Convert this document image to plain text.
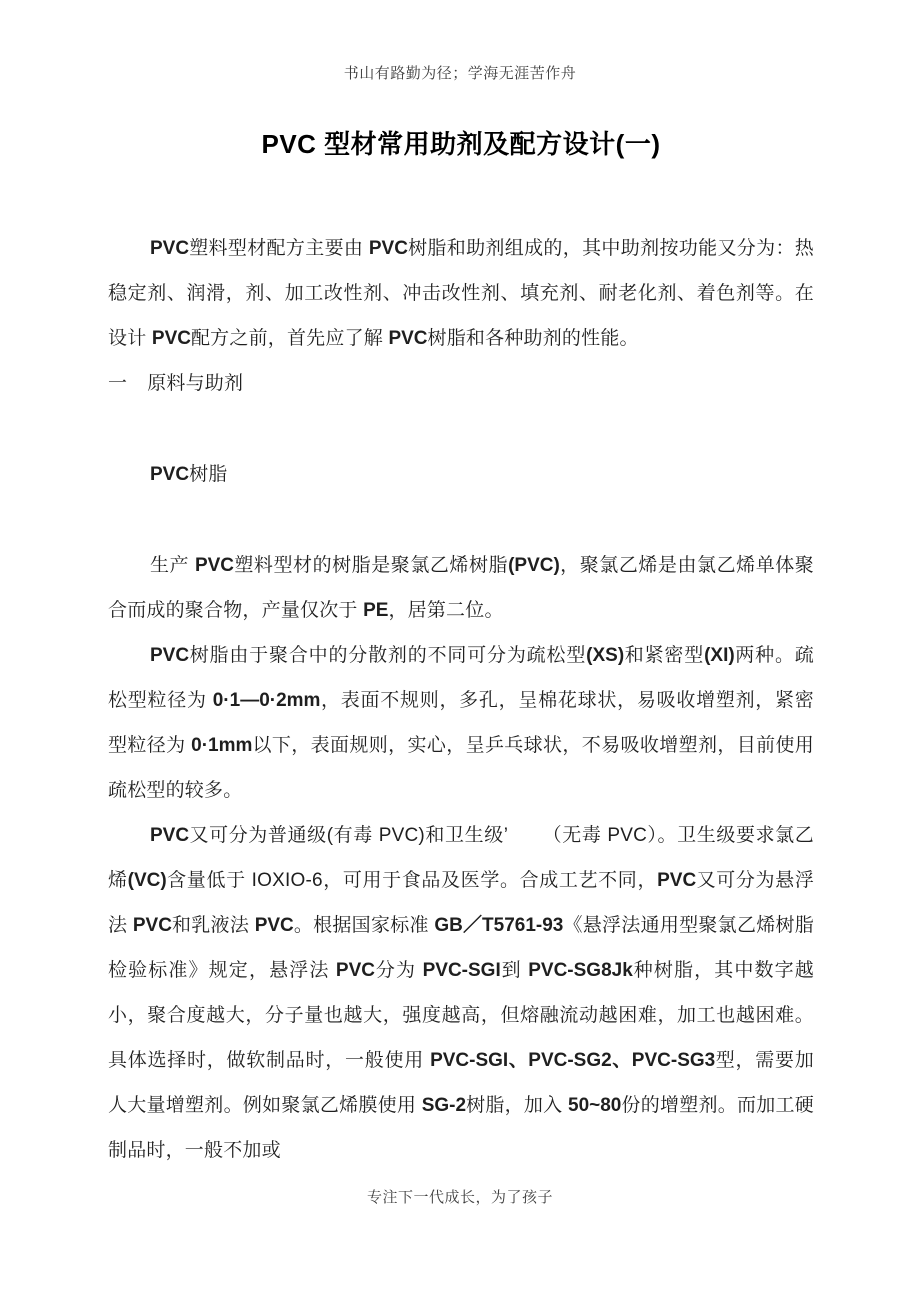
书山有路勤为径；学海无涯苦作舟
PVC 型材常用助剂及配方设计(一)

PVC塑料型材配方主要由 PVC树脂和助剂组成的，其中助剂按功能又分为：热稳定剂、润滑，剂、加工改性剂、冲击改性剂、填充剂、耐老化剂、着色剂等。在设计 PVC配方之前，首先应了解 PVC树脂和各种助剂的性能。

一 原料与助剂

PVC树脂

生产 PVC塑料型材的树脂是聚氯乙烯树脂(PVC)，聚氯乙烯是由氯乙烯单体聚合而成的聚合物，产量仅次于 PE，居第二位。

PVC树脂由于聚合中的分散剂的不同可分为疏松型(XS)和紧密型(XI)两种。疏松型粒径为 0·1—0·2mm，表面不规则，多孔，呈棉花球状，易吸收增塑剂，紧密型粒径为 0·1mm以下，表面规则，实心，呈乒乓球状，不易吸收增塑剂，目前使用疏松型的较多。

PVC又可分为普通级(有毒 PVC)和卫生级’ （无毒 PVC）。卫生级要求氯乙烯(VC)含量低于 IOXIO-6，可用于食品及医学。合成工艺不同，PVC又可分为悬浮法 PVC和乳液法 PVC。根据国家标准 GB／T5761-93《悬浮法通用型聚氯乙烯树脂检验标准》规定，悬浮法 PVC分为 PVC-SGI到 PVC-SG8Jk种树脂，其中数字越小，聚合度越大，分子量也越大，强度越高，但熔融流动越困难，加工也越困难。具体选择时，做软制品时，一般使用 PVC-SGI、PVC-SG2、PVC-SG3型，需要加人大量增塑剂。例如聚氯乙烯膜使用 SG-2树脂，加入 50~80份的增塑剂。而加工硬制品时，一般不加或

专注下一代成长，为了孩子
